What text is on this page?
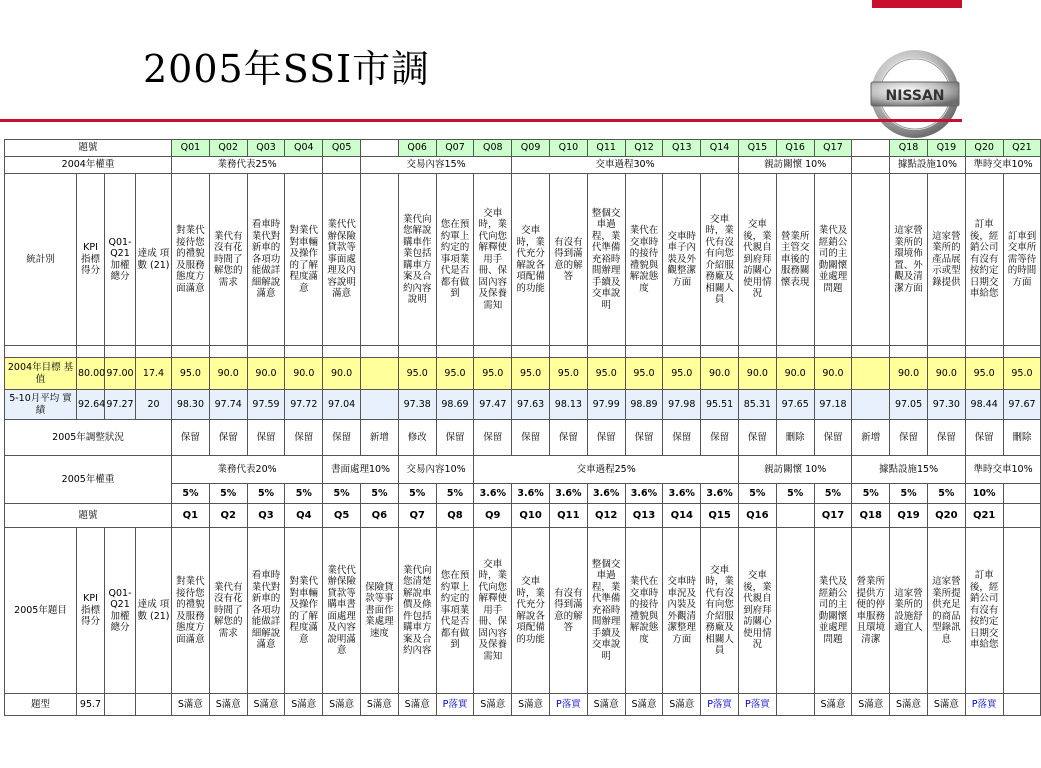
2005年SSI市調
NISSAN
題號				Q01	Q02	Q03	Q04	Q05		Q06	Q07	Q08	Q09	Q10	Q11	Q12	Q13	Q14	Q15	Q16	Q17		Q18	Q19	Q20	Q21
2004年權重				業務代表25%					交易內容15%				交車過程30%						親訪關懷 10%				據點設施10%		準時交車10%	
統計別	KPI 指標 得分	Q01-Q21加權總分	達成 項數 (21)	對業代接待您的禮貌及服務態度方面滿意	業代有沒有花時間了解您的需求	看車時業代對新車的各項功能做詳細解說滿意	對業代對車輛及操作的了解程度滿意	業代代辦保險貸款等事面處理及內容說明滿意		業代向您解說購車作業包括購車方案及合約內容說明	您在預約單上約定的事項業代是否都有做到	交車時，業代向您解釋使用手冊、保固內容及保養需知	交車時，業代充分解說各項配備的功能	有沒有得到滿意的解答	整個交車過程，業代準備充裕時間辦理手續及交車說明	業代在交車時的接待禮貌與解說態度	交車時車子內裝及外觀整潔方面	交車時，業代有沒有向您介紹服務廠及相關人員	交車後，業代親自到府拜訪關心使用情況	營業所主管交車後的服務關懷表現	業代及經銷公司的主動關懷並處理問題		這家營業所的環境佈置、外觀及清潔方面	這家營業所的產品展示或型錄提供	訂車後，經銷公司有沒有按約定日期交車給您	訂車到交車所需等待的時間方面

2004年目標 基值	80.00	97.00	17.4	95.0	90.0	90.0	90.0	90.0		95.0	95.0	95.0	95.0	95.0	95.0	95.0	95.0	90.0	90.0	90.0	90.0		90.0	90.0	95.0	95.0
5-10月平均 實績	92.64	97.27	20	98.30	97.74	97.59	97.72	97.04		97.38	98.69	97.47	97.63	98.13	97.99	98.89	97.98	95.51	85.31	97.65	97.18		97.05	97.30	98.44	97.67
2005年調整狀況				保留	保留	保留	保留	保留	新增	修改	保留	保留	保留	保留	保留	保留	保留	保留	保留	刪除	保留	新增	保留	保留	保留	刪除
2005年權重				業務代表20%				書面處理10%		交易內容10%		交車過程25%							親訪關懷 10%			據點設施15%			準時交車10%	
				5%	5%	5%	5%	5%	5%	5%	5%	3.6%	3.6%	3.6%	3.6%	3.6%	3.6%	3.6%	5%	5%	5%	5%	5%	5%	10%	
題號				Q1	Q2	Q3	Q4	Q5	Q6	Q7	Q8	Q9	Q10	Q11	Q12	Q13	Q14	Q15	Q16		Q17	Q18	Q19	Q20	Q21	
2005年題目	KPI 指標 得分	Q01-Q21加權總分	達成 項數 (21)	對業代接待您的禮貌及服務態度方面滿意	業代有沒有花時間了解您的需求	看車時業代對新車的各項功能做詳細解說滿意	對業代對車輛及操作的了解程度滿意	業代代辦保險貸款等購車書面處理及內容說明滿意	保險貸款等事書面作業處理速度	業代向您清楚解說車價及條件包括購車方案及合約內容	您在預約單上約定的事項業代是否都有做到	交車時，業代向您解釋使用手冊、保固內容及保養需知	交車時，業代充分解說各項配備的功能	有沒有得到滿意的解答	整個交車過程，業代準備充裕時間辦理手續及交車說明	業代在交車時的接待禮貌與解說態度	交車時車況及內裝及外觀清潔整理方面	交車時，業代有沒有向您介紹服務廠及相關人員	交車後，業代親自到府拜訪關心使用情況		業代及經銷公司的主動關懷並處理問題	營業所提供方便的停車服務且環境清潔	這家營業所的設施舒適宜人	這家營業所提供充足的商品型錄訊息	訂車後，經銷公司有沒有按約定日期交車給您	
題型	95.7			S滿意	S滿意	S滿意	S滿意	S滿意	S滿意	S滿意	P落實	S滿意	S滿意	P落實	S滿意	S滿意	S滿意	P落實	P落實		S滿意	S滿意	S滿意	S滿意	P落實	
